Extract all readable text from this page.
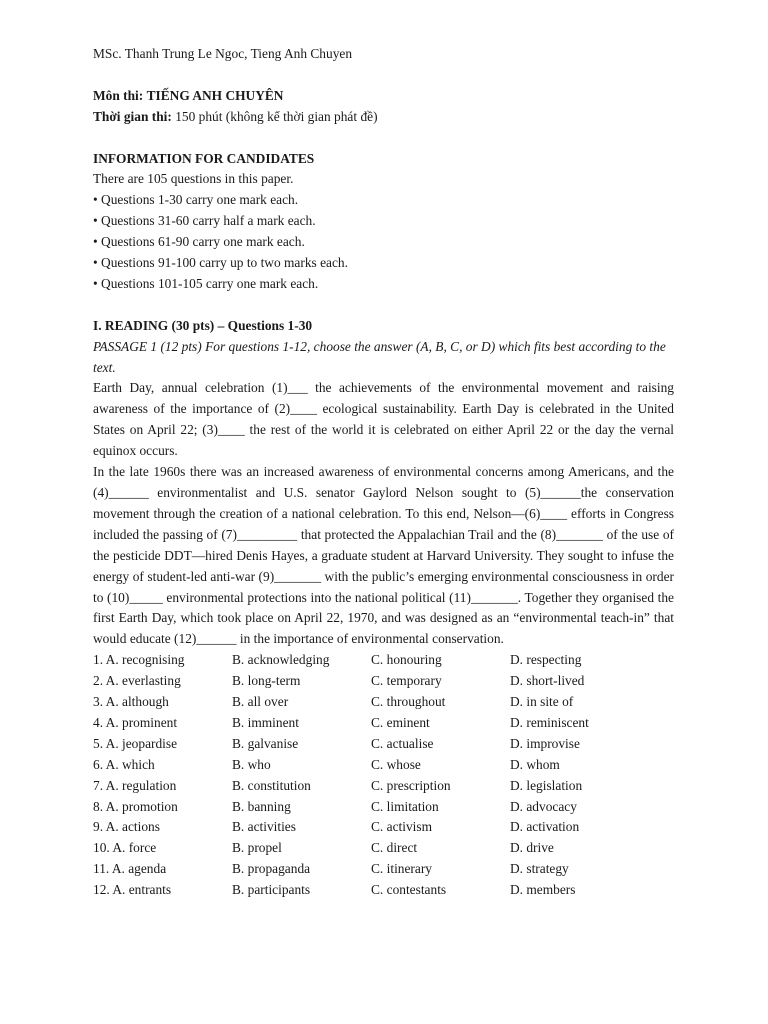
MSc. Thanh Trung Le Ngoc, Tieng Anh Chuyen

Môn thi: TIẾNG ANH CHUYÊN

Thời gian thi: 150 phút (không kể thời gian phát đề)

INFORMATION FOR CANDIDATES

There are 105 questions in this paper.

• Questions 1-30 carry one mark each.
• Questions 31-60 carry half a mark each.
• Questions 61-90 carry one mark each.
• Questions 91-100 carry up to two marks each.
• Questions 101-105 carry one mark each.

I. READING (30 pts) – Questions 1-30

PASSAGE 1 (12 pts) For questions 1-12, choose the answer (A, B, C, or D) which fits best according to the text.

Earth Day, annual celebration (1)___ the achievements of the environmental movement and raising awareness of the importance of (2)____ ecological sustainability. Earth Day is celebrated in the United States on April 22; (3)____ the rest of the world it is celebrated on either April 22 or the day the vernal equinox occurs.

In the late 1960s there was an increased awareness of environmental concerns among Americans, and the (4)______ environmentalist and U.S. senator Gaylord Nelson sought to (5)______the conservation movement through the creation of a national celebration. To this end, Nelson—(6)____ efforts in Congress included the passing of (7)_________ that protected the Appalachian Trail and the (8)_______ of the use of the pesticide DDT—hired Denis Hayes, a graduate student at Harvard University. They sought to infuse the energy of student-led anti-war (9)_______ with the public’s emerging environmental consciousness in order to (10)_____ environmental protections into the national political (11)_______. Together they organised the first Earth Day, which took place on April 22, 1970, and was designed as an “environmental teach-in” that would educate (12)______ in the importance of environmental conservation.

1. A. recognising	B. acknowledging	C. honouring	D. respecting
2. A. everlasting	B. long-term	C. temporary	D. short-lived
3. A. although	B. all over	C. throughout	D. in site of
4. A. prominent	B. imminent	C. eminent	D. reminiscent
5. A. jeopardise	B. galvanise	C. actualise	D. improvise
6. A. which	B. who	C. whose	D. whom
7. A. regulation	B. constitution	C. prescription	D. legislation
8. A. promotion	B. banning	C. limitation	D. advocacy
9. A. actions	B. activities	C. activism	D. activation
10. A. force	B. propel	C. direct	D. drive
11. A. agenda	B. propaganda	C. itinerary	D. strategy
12. A. entrants	B. participants	C. contestants	D. members
